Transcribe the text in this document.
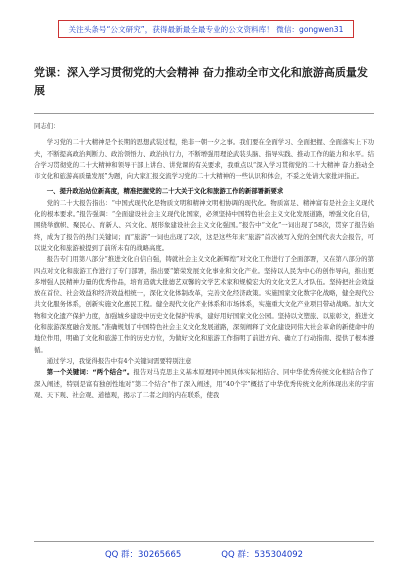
关注头条号“公文研究”，获得最新最全最专业的公文资料库！ 微信：gongwen31
党课：深入学习贯彻党的大会精神 奋力推动全市文化和旅游高质量发展

同志们：

学习党的二十大精神是个长期的思想武装过程，绝非一朝一夕之事。我们要在全面学习、全面把握、全面落实上下功夫，不断提高政治判断力、政治领悟力、政治执行力，不断增强用理论武装头脑、指导实践、推动工作的能力和水平。结合学习贯彻党的二十大精神和领导干部上讲台、讲党课的有关要求，我重点以“深入学习贯彻党的二十大精神 奋力推动全市文化和旅游高质量发展”为题，向大家汇报交流学习党的二十大精神的一些认识和体会，不妥之处请大家批评指正。

一、提升政治站位新高度，精准把握党的二十大关于文化和旅游工作的新部署新要求

党的二十大报告指出：“中国式现代化是物质文明和精神文明相协调的现代化。物质富足、精神富有是社会主义现代化的根本要求。”报告强调：“全面建设社会主义现代化国家，必须坚持中国特色社会主义文化发展道路，增强文化自信，围绕举旗帜、聚民心、育新人、兴文化、展形象建设社会主义文化强国。”报告中“文化”一词出现了58次，贯穿了报告始终，成为了报告的热门关键词；而“旅游”一词也出现了2次，这是这些年来“旅游”首次被写入党的全国代表大会报告，可以说文化和旅游被提到了前所未有的战略高度。

报告专门用第八部分“推进文化自信自强，铸就社会主义文化新辉煌”对文化工作进行了全面部署，又在第八部分的第四点对文化和旅游工作进行了专门部署，指出要“繁荣发展文化事业和文化产业。坚持以人民为中心的创作导向，推出更多增强人民精神力量的优秀作品，培育造就大批德艺双馨的文学艺术家和规模宏大的文化文艺人才队伍。坚持把社会效益放在首位、社会效益和经济效益相统一，深化文化体制改革，完善文化经济政策。实施国家文化数字化战略，健全现代公共文化服务体系，创新实施文化惠民工程。健全现代文化产业体系和市场体系，实施重大文化产业项目带动战略。加大文物和文化遗产保护力度，加强城乡建设中历史文化保护传承，建好用好国家文化公园。坚持以文塑旅、以旅彰文，推进文化和旅游深度融合发展。”准确规划了中国特色社会主义文化发展道路，深刻阐释了文化建设同伟大社会革命的新使命中的地位作用，明确了文化和旅游工作的历史方位，为做好文化和旅游工作指明了前进方向、确立了行动指南、提供了根本遵循。

通过学习，我觉得报告中有4个关键词需要特别注意

第一个关键词：“两个结合”。报告对马克思主义基本原理同中国具体实际相结合、同中华优秀传统文化相结合作了深入阐述，特别是富有独创性地对“第二个结合”作了深入阐述，用“40个字”概括了中华优秀传统文化所体现出来的宇宙观、天下观、社会观、道德观，揭示了二者之间的内在联系，使我

QQ 群：30265665	QQ 群：535304092
